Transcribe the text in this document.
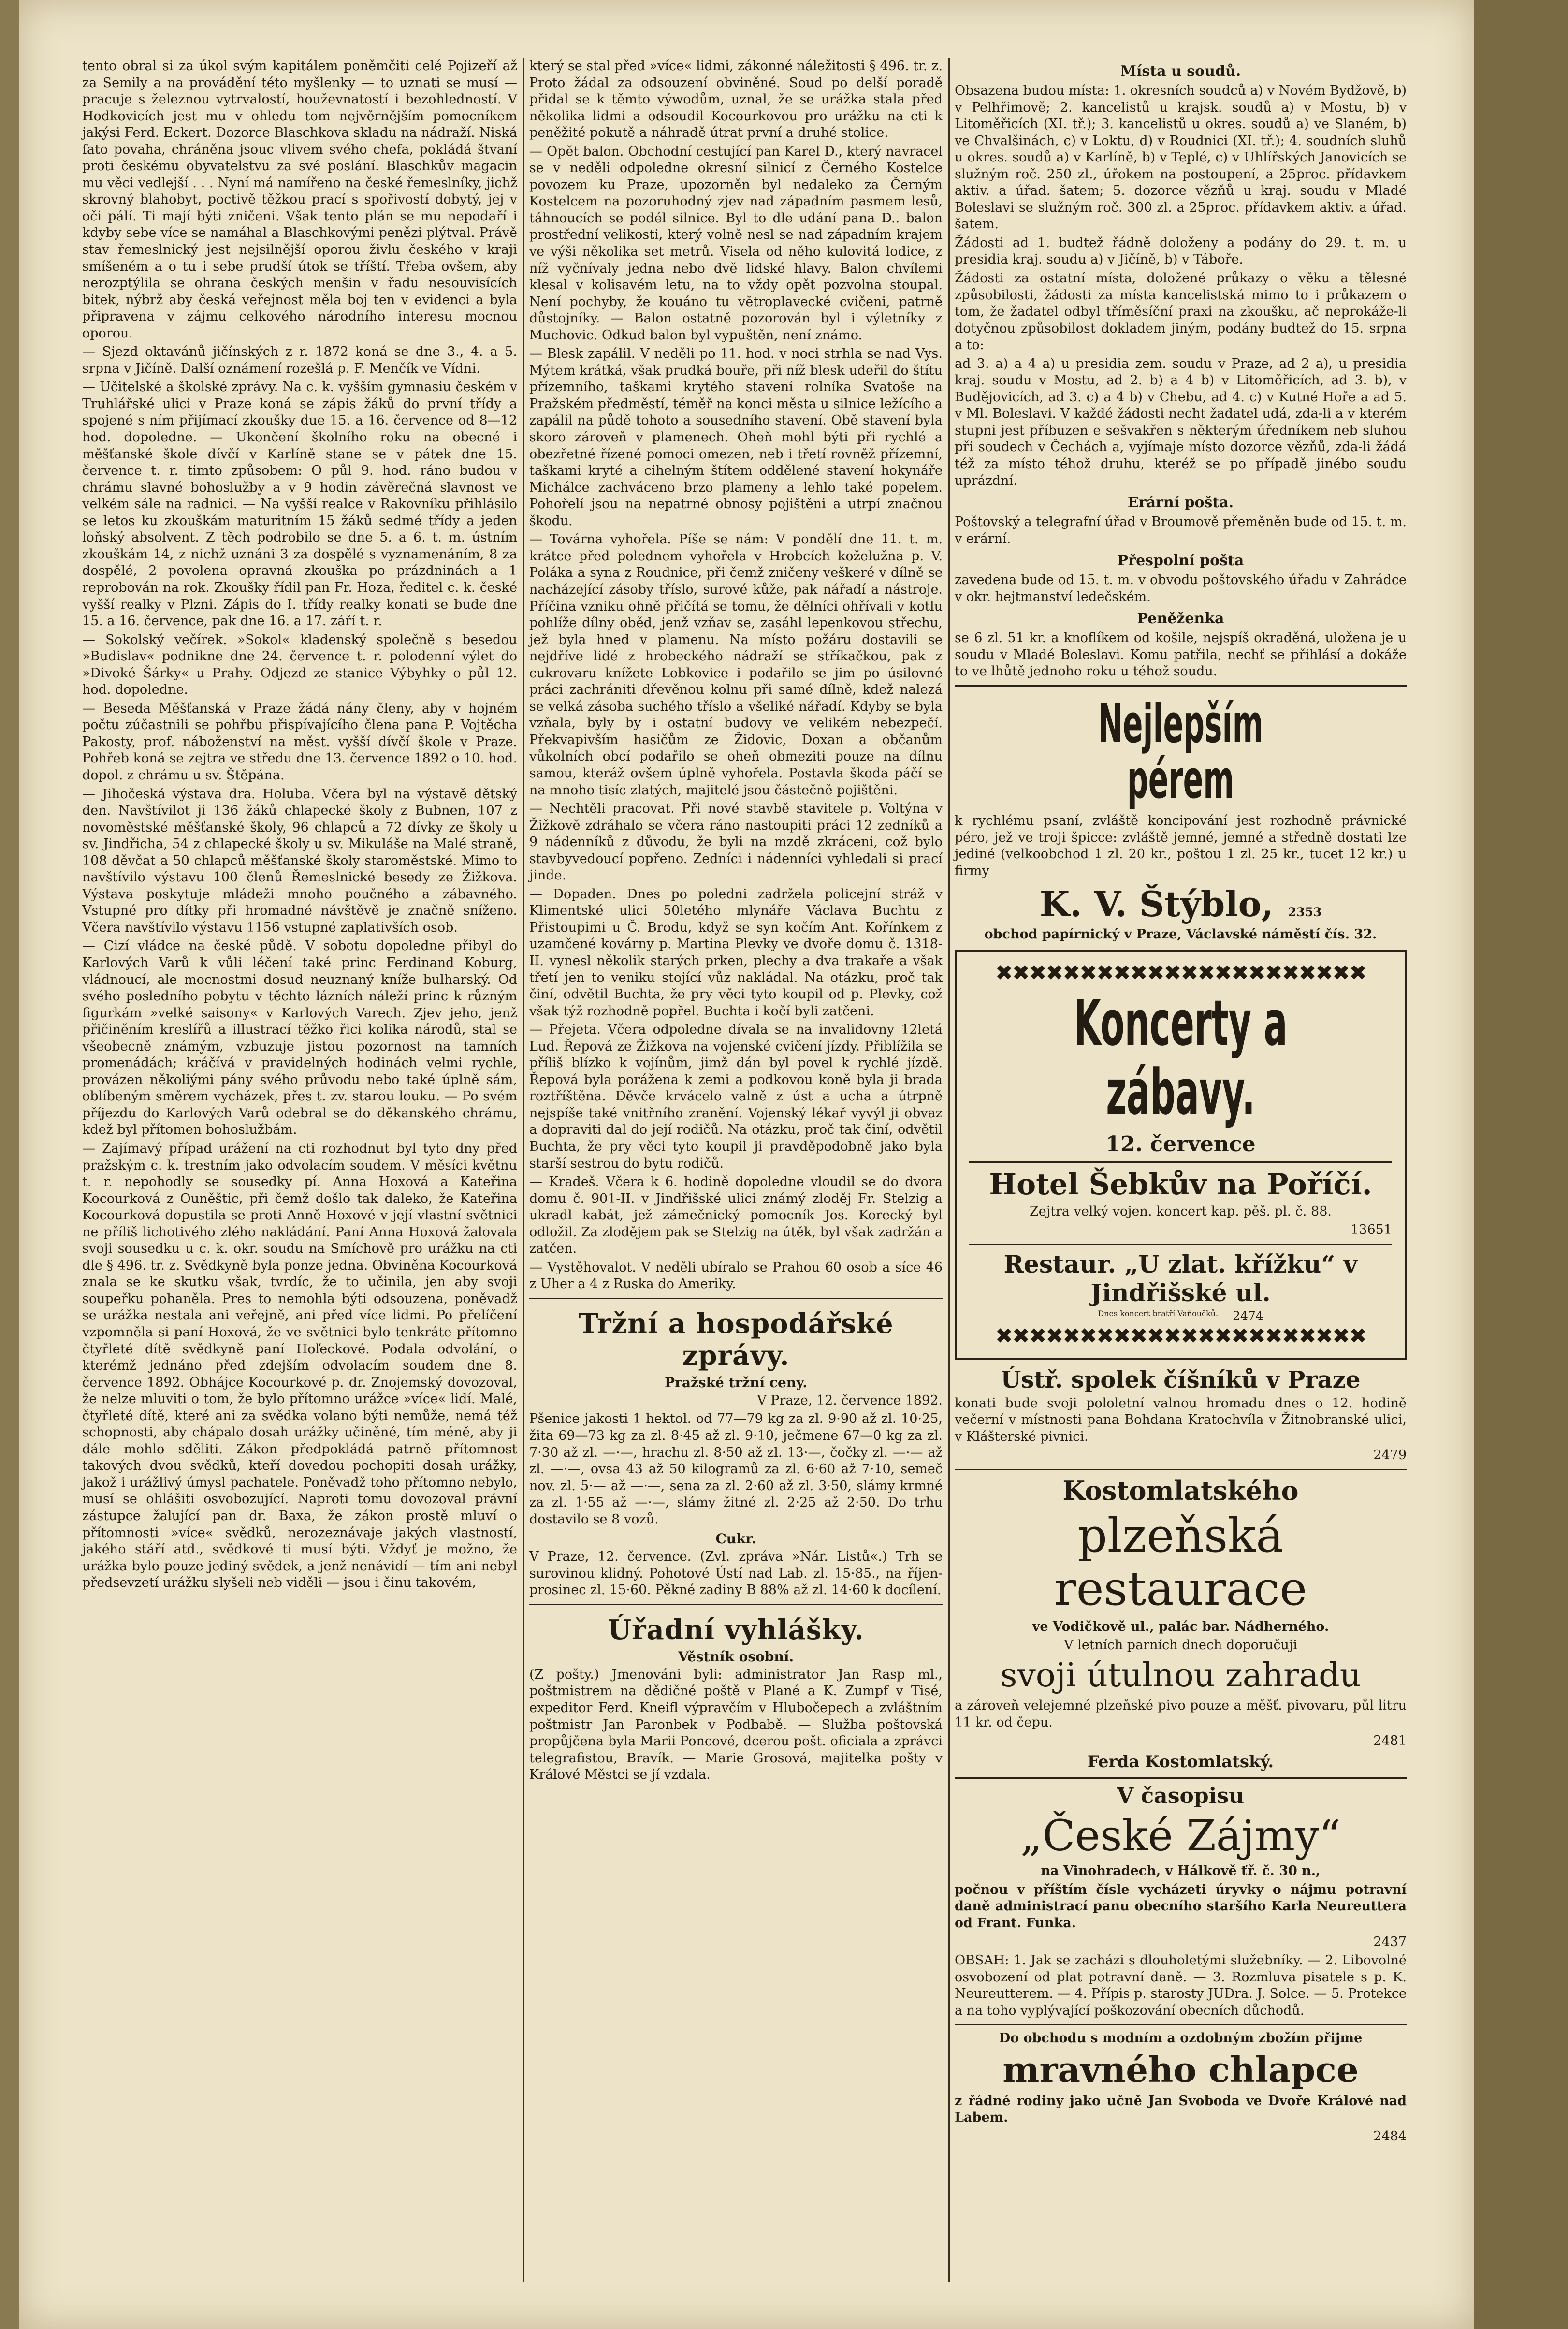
tento obral si za úkol svým kapitálem poněmčiti celé Pojizeří až za Semily a na provádění této myšlenky — to uznati se musí — pracuje s železnou vytrvalostí, houževnatostí i bezohledností. V Hodkovicích jest mu v ohledu tom nejvěrnějším pomocníkem jakýsi Ferd. Eckert. Dozorce Blaschkova skladu na nádraží. Niská ſato povaha, chráněna jsouc vlivem svého chefa, pokládá štvaní proti českému obyvatelstvu za své poslání. Blaschkův magacin mu věci vedlejší . . . Nyní má namířeno na české řemeslníky, jichž skrovný blahobyt, poctivě těžkou prací s spořivostí dobytý, jej v oči pálí. Ti mají býti zničeni. Však tento plán se mu nepodaří i kdyby sebe více se namáhal a Blaschkovými penězi plýtval. Právě stav řemeslnický jest nejsilnější oporou živlu českého v kraji smíšeném a o tu i sebe prudší útok se tříští. Třeba ovšem, aby nerozptýlila se ohrana českých menšin v řadu nesouvisících bitek, nýbrž aby česká veřejnost měla boj ten v evidenci a byla připravena v zájmu celkového národního interesu mocnou oporou.

— Sjezd oktavánů jičínských z r. 1872 koná se dne 3., 4. a 5. srpna v Jičíně. Další oznámení rozešlá p. F. Menčík ve Vídni.

— Učitelské a školské zprávy. Na c. k. vyšším gymnasiu českém v Truhlářské ulici v Praze koná se zápis žáků do první třídy a spojené s ním přijímací zkoušky due 15. a 16. července od 8—12 hod. dopoledne. — Ukončení školního roku na obecné i měšťanské škole dívčí v Karlíně stane se v pátek dne 15. července t. r. timto způsobem: O půl 9. hod. ráno budou v chrámu slavné bohoslužby a v 9 hodin závěrečná slavnost ve velkém sále na radnici. — Na vyšší realce v Rakovníku přihlásilo se letos ku zkouškám maturitním 15 žáků sedmé třídy a jeden loňský absolvent. Z těch podrobilo se dne 5. a 6. t. m. ústním zkouškám 14, z nichž uznáni 3 za dospělé s vyznamenáním, 8 za dospělé, 2 povolena opravná zkouška po prázdninách a 1 reprobován na rok. Zkoušky řídil pan Fr. Hoza, ředitel c. k. české vyšší realky v Plzni. Zápis do I. třídy realky konati se bude dne 15. a 16. července, pak dne 16. a 17. září t. r.

— Sokolský večírek. »Sokol« kladenský společně s besedou »Budislav« podnikne dne 24. července t. r. polodenní výlet do »Divoké Šárky« u Prahy. Odjezd ze stanice Výbyhky o půl 12. hod. dopoledne.

— Beseda Měšťanská v Praze žádá nány členy, aby v hojném počtu zúčastnili se pohřbu přispívajícího člena pana P. Vojtěcha Pakosty, prof. náboženství na měst. vyšší dívčí škole v Praze. Pohřeb koná se zejtra ve středu dne 13. července 1892 o 10. hod. dopol. z chrámu u sv. Štěpána.

— Jihočeská výstava dra. Holuba. Včera byl na výstavě dětský den. Navštívilot ji 136 žáků chlapecké školy z Bubnen, 107 z novoměstské měšťanské školy, 96 chlapců a 72 dívky ze školy u sv. Jindřicha, 54 z chlapecké školy u sv. Mikuláše na Malé straně, 108 děvčat a 50 chlapců měšťanské školy staroměstské. Mimo to navštívilo výstavu 100 členů Řemeslnické besedy ze Žižkova. Výstava poskytuje mládeži mnoho poučného a zábavného. Vstupné pro dítky při hromadné návštěvě je značně sníženo. Včera navštívilo výstavu 1156 vstupné zaplativších osob.

— Cizí vládce na české půdě. V sobotu dopoledne přibyl do Karlových Varů k vůli léčení také princ Ferdinand Koburg, vládnoucí, ale mocnostmi dosud neuznaný kníže bulharský. Od svého posledního pobytu v těchto lázních náleží princ k různým figurkám »velké saisony« v Karlových Varech. Zjev jeho, jenž přičiněním kreslířů a illustrací těžko řici kolika národů, stal se všeobecně známým, vzbuzuje jistou pozornost na tamních promenádách; kráčívá v pravidelných hodinách velmi rychle, provázen několiými pány svého průvodu nebo také úplně sám, oblíbeným směrem vycházek, přes t. zv. starou louku. — Po svém příjezdu do Karlových Varů odebral se do děkanského chrámu, kdež byl přítomen bohoslužbám.

— Zajímavý případ urážení na cti rozhodnut byl tyto dny před pražským c. k. trestním jako odvolacím soudem. V měsíci květnu t. r. nepohodly se sousedky pí. Anna Hoxová a Kateřina Kocourková z Ouněštic, při čemž došlo tak daleko, že Kateřina Kocourková dopustila se proti Anně Hoxové v její vlastní světnici ne příliš lichotivého zlého nakládání. Paní Anna Hoxová žalovala svoji sousedku u c. k. okr. soudu na Smíchově pro urážku na cti dle § 496. tr. z. Svědkyně byla ponze jedna. Obviněna Kocourková znala se ke skutku však, tvrdíc, že to učinila, jen aby svoji soupeřku pohaněla. Pres to nemohla býti odsouzena, poněvadž se urážka nestala ani veřejně, ani před více lidmi. Po přelíčení vzpomněla si paní Hoxová, že ve světnici bylo tenkráte přítomno čtyřleté dítě svědkyně paní Hoľeckové. Podala odvolání, o kterémž jednáno před zdejším odvolacím soudem dne 8. července 1892. Obhájce Kocourkové p. dr. Znojemský dovozoval, že nelze mluviti o tom, že bylo přítomno urážce »více« lidí. Malé, čtyřleté dítě, které ani za svědka volano býti nemůže, nemá též schopnosti, aby chápalo dosah urážky učiněné, tím méně, aby ji dále mohlo sděliti. Zákon předpokládá patrně přítomnost takových dvou svědků, kteří dovedou pochopiti dosah urážky, jakož i urážlivý úmysl pachatele. Poněvadž toho přítomno nebylo, musí se ohlášiti osvobozující. Naproti tomu dovozoval právní zástupce žalující pan dr. Baxa, že zákon prostě mluví o přítomnosti »více« svědků, nerozeznávaje jakých vlastností, jakého stáří atd., svědkové ti musí býti. Vždyť je možno, že urážka bylo pouze jediný svědek, a jenž nenávidí — tím ani nebyl předsevzetí urážku slyšeli neb viděli — jsou i činu takovém,

který se stal před »více« lidmi, zákonné náležitosti § 496. tr. z. Proto žádal za odsouzení obviněné. Soud po delší poradě přidal se k těmto výwodům, uznal, že se urážka stala před několika lidmi a odsoudil Kocourkovou pro urážku na cti k peněžité pokutě a náhradě útrat první a druhé stolice.

— Opět balon. Obchodní cestující pan Karel D., který navracel se v neděli odpoledne okresní silnicí z Černého Kostelce povozem ku Praze, upozorněn byl nedaleko za Černým Kostelcem na pozoruhodný zjev nad západním pasmem lesů, táhnoucích se podél silnice. Byl to dle udání pana D.. balon prostřední velikosti, který volně nesl se nad západním krajem ve výši několika set metrů. Visela od něho kulovitá lodice, z níž vyčnívaly jedna nebo dvě lidské hlavy. Balon chvílemi klesal v kolisavém letu, na to vždy opět pozvolna stoupal. Není pochyby, že kouáno tu vĕtroplavecké cvičeni, patrně důstojníky. — Balon ostatně pozorován byl i výletníky z Muchovic. Odkud balon byl vypuštěn, není známo.

— Blesk zapálil. V neděli po 11. hod. v noci strhla se nad Vys. Mýtem krátká, však prudká bouře, při níž blesk udeřil do štítu přízemního, taškami krytého stavení rolníka Svatoše na Pražském předměstí, téměř na konci města u silnice ležícího a zapálil na půdě tohoto a sousedního stavení. Obě stavení byla skoro zároveň v plamenech. Oheň mohl býti při rychlé a obezřetné řízené pomoci omezen, neb i třetí rovněž přízemní, taškami kryté a cihelným štítem oddělené stavení hokynáře Michálce zachváceno brzo plameny a lehlo také popelem. Pohořelí jsou na nepatrné obnosy pojištěni a utrpí značnou škodu.

— Továrna vyhořela. Píše se nám: V pondělí dne 11. t. m. krátce před polednem vyhořela v Hrobcích koželužna p. V. Poláka a syna z Roudnice, při čemž zničeny veškeré v dílně se nacházející zásoby tříslo, surové kůže, pak nářadí a nástroje. Příčina vzniku ohně přičítá se tomu, že dělníci ohřívali v kotlu pohlíže dílny oběd, jenž vzňav se, zasáhl lepenkovou střechu, jež byla hned v plamenu. Na místo požáru dostavili se nejdříve lidé z hrobeckého nádraží se stříkačkou, pak z cukrovaru knížete Lobkovice i podařilo se jim po úsilovné práci zachrániti dřevěnou kolnu při samé dílně, kdež nalezá se velká zásoba suchého tříslo a všeliké nářadí. Kdyby se byla vzňala, byly by i ostatní budovy ve velikém nebezpečí. Překvapivším hasičům ze Židovic, Doxan a občanům vůkolních obcí podařilo se oheň obmeziti pouze na dílnu samou, kteráž ovšem úplně vyhořela. Postavla škoda páčí se na mnoho tisíc zlatých, majitelé jsou částečně pojištěni.

— Nechtěli pracovat. Při nové stavbě stavitele p. Voltýna v Žižkově zdráhalo se včera ráno nastoupiti práci 12 zedníků a 9 nádenníků z důvodu, že byli na mzdě zkráceni, což bylo stavbyvedoucí popřeno. Zedníci i nádenníci vyhledali si prací jinde.

— Dopaden. Dnes po poledni zadržela policejní stráž v Klimentské ulici 50letého mlynáře Václava Buchtu z Přistoupimi u Č. Brodu, když se syn kočím Ant. Kořínkem z uzamčené kovárny p. Martina Plevky ve dvoře domu č. 1318-II. vynesl několik starých prken, plechy a dva trakaře a však třetí jen to veniku stojící vůz nakládal. Na otázku, proč tak činí, odvětil Buchta, že pry věci tyto koupil od p. Plevky, což však týž rozhodně popřel. Buchta i kočí byli zatčeni.

— Přejeta. Včera odpoledne dívala se na invalidovny 12letá Lud. Řepová ze Žižkova na vojenské cvičení jízdy. Přiblížila se příliš blízko k vojínům, jimž dán byl povel k rychlé jízdě. Řepová byla porážena k zemi a podkovou koně byla ji brada roztříštěna. Děvče krvácelo valně z úst a ucha a útrpně nejspíše také vnitřního zranění. Vojenský lékař vyvýl ji obvaz a dopraviti dal do její rodičů. Na otázku, proč tak činí, odvětil Buchta, že pry věci tyto koupil ji pravděpodobně jako byla starší sestrou do bytu rodičů.

— Kradeš. Včera k 6. hodině dopoledne vloudil se do dvora domu č. 901-II. v Jindřišské ulici známý zloděj Fr. Stelzig a ukradl kabát, jež zámečnický pomocník Jos. Korecký byl odložil. Za zlodějem pak se Stelzig na útěk, byl však zadržán a zatčen.

— Vystěhovalot. V neděli ubíralo se Prahou 60 osob a síce 46 z Uher a 4 z Ruska do Ameriky.

Tržní a hospodářské zprávy.
Pražské tržní ceny.

V Praze, 12. července 1892.

Pšenice jakosti 1 hektol. od 77—79 kg za zl. 9·90 až zl. 10·25, žita 69—73 kg za zl. 8·45 až zl. 9·10, ječmene 67—0 kg za zl. 7·30 až zl. —·—, hrachu zl. 8·50 až zl. 13·—, čočky zl. —·— až zl. —·—, ovsa 43 až 50 kilogramů za zl. 6·60 až 7·10, semeč nov. zl. 5·— až —·—, sena za zl. 2·60 až zl. 3·50, slámy krmné za zl. 1·55 až —·—, slámy žitné zl. 2·25 až 2·50. Do trhu dostavilo se 8 vozů.

Cukr.

V Praze, 12. července. (Zvl. zpráva »Nár. Listů«.) Trh se surovinou klidný. Pohotové Ústí nad Lab. zl. 15·85., na říjen-prosinec zl. 15·60. Pěkné zadiny B 88% až zl. 14·60 k docílení.

Úřadní vyhlášky.
Věstník osobní.

(Z pošty.) Jmenováni byli: administrator Jan Rasp ml., poštmistrem na dědičné poště v Plané a K. Zumpf v Tisé, expeditor Ferd. Kneifl výpravčím v Hlubočepech a zvláštním poštmistr Jan Paronbek v Podbabě. — Služba poštovská propůjčena byla Marii Poncové, dcerou pošt. oficiala a zprávci telegrafistou, Bravík. — Marie Grosová, majitelka pošty v Králové Městci se jí vzdala.

Místa u soudů.

Obsazena budou místa: 1. okresních soudců a) v Novém Bydžově, b) v Pelhřimově; 2. kancelistů u krajsk. soudů a) v Mostu, b) v Litoměřicích (XI. tř.); 3. kancelistů u okres. soudů a) ve Slaném, b) ve Chvalšinách, c) v Loktu, d) v Roudnici (XI. tř.); 4. soudních sluhů u okres. soudů a) v Karlíně, b) v Teplé, c) v Uhlířských Janovicích se služným roč. 250 zl., úřokem na postoupení, a 25proc. přídavkem aktiv. a úřad. šatem; 5. dozorce vězňů u kraj. soudu v Mladé Boleslavi se služným roč. 300 zl. a 25proc. přídavkem aktiv. a úřad. šatem.

Žádosti ad 1. budtež řádně doloženy a podány do 29. t. m. u presidia kraj. soudu a) v Jičíně, b) v Táboře.

Žádosti za ostatní místa, doložené průkazy o věku a tělesné způsobilosti, žádosti za místa kancelistská mimo to i průkazem o tom, že žadatel odbyl tříměsíční praxi na zkoušku, ač neprokáže-li dotyčnou způsobilost dokladem jiným, podány budtež do 15. srpna a to:

ad 3. a) a 4 a) u presidia zem. soudu v Praze, ad 2 a), u presidia kraj. soudu v Mostu, ad 2. b) a 4 b) v Litoměřicích, ad 3. b), v Budějovicích, ad 3. c) a 4 b) v Chebu, ad 4. c) v Kutné Hoře a ad 5. v Ml. Boleslavi. V každé žádosti necht žadatel udá, zda-li a v kterém stupni jest příbuzen e sešvakřen s některým úředníkem neb sluhou při soudech v Čechách a, vyjímaje místo dozorce vězňů, zda-li žádá též za místo téhož druhu, kteréž se po případě jinébo soudu uprázdní.

Erární pošta.

Poštovský a telegrafní úřad v Broumově přeměněn bude od 15. t. m. v erární.

Přespolní pošta

zavedena bude od 15. t. m. v obvodu poštovského úřadu v Zahrádce v okr. hejtmanství ledečském.

Peněženka

se 6 zl. 51 kr. a knoflíkem od košile, nejspíš okraděná, uložena je u soudu v Mladé Boleslavi. Komu patřila, nechť se přihlásí a dokáže to ve lhůtě jednoho roku u téhož soudu.

Nejlepším pérem

k rychlému psaní, zvláště koncipování jest rozhodně právnické péro, jež ve troji špicce: zvláště jemné, jemné a středně dostati lze jediné (velkoobchod 1 zl. 20 kr., poštou 1 zl. 25 kr., tucet 12 kr.) u firmy

K. V. Štýblo, 2353

obchod papírnický v Praze, Václavské náměstí čís. 32.

✖✖✖✖✖✖✖✖✖✖✖✖✖✖✖✖✖✖✖✖✖✖
Koncerty a zábavy.
12. července
Hotel Šebkův na Poříčí.

Zejtra velký vojen. koncert kap. pěš. pl. č. 88.

13651

Restaur. „U zlat. křížku“ v Jindřišské ul.
Dnes koncert bratří Vaňoučků. 2474
✖✖✖✖✖✖✖✖✖✖✖✖✖✖✖✖✖✖✖✖✖✖
Ústř. spolek číšníků v Praze

konati bude svoji pololetní valnou hromadu dnes o 12. hodině večerní v místnosti pana Bohdana Kratochvíla v Žitnobranské ulici, v Klášterské pivnici.

2479

Kostomlatského
plzeňská restaurace

ve Vodičkově ul., palác bar. Nádherného.

V letních parních dnech doporučuji

svoji útulnou zahradu

a zároveň velejemné plzeňské pivo pouze a měšť. pivovaru, půl litru 11 kr. od čepu.

2481

Ferda Kostomlatský.

V časopisu
„České Zájmy“

na Vinohradech, v Hálkově ťř. č. 30 n.,

počnou v příštím čísle vycházeti úryvky o nájmu potravní daně administrací panu obecního staršího Karla Neureuttera od Frant. Funka.

2437

OBSAH: 1. Jak se zacházi s dlouholetými služebníky. — 2. Libovolné osvobození od plat potravní daně. — 3. Rozmluva pisatele s p. K. Neureutterem. — 4. Přípis p. starosty JUDra. J. Solce. — 5. Protekce a na toho vyplývající poškozování obecních důchodů.

Do obchodu s modním a ozdobným zbožím přijme

mravného chlapce

z řádné rodiny jako učně Jan Svoboda ve Dvoře Králové nad Labem.

2484
